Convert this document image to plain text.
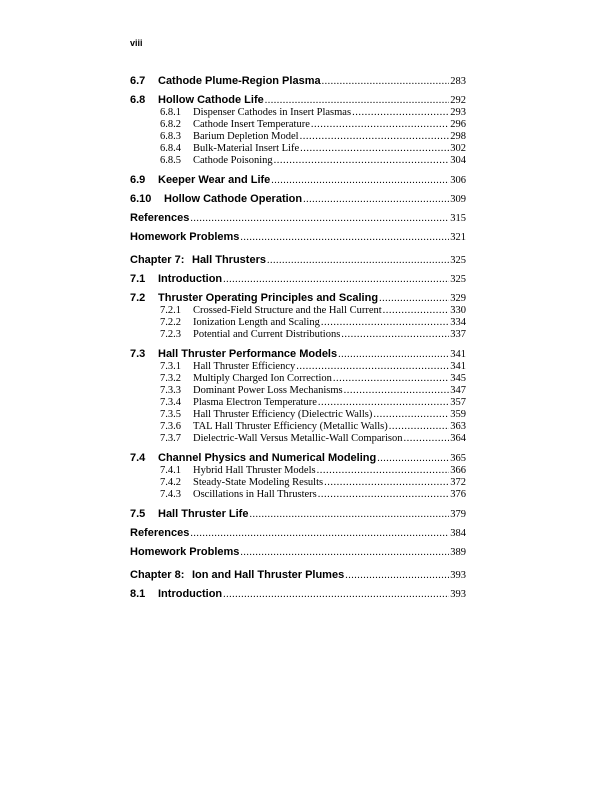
viii
6.7	Cathode Plume-Region Plasma .....	283
6.8	Hollow Cathode Life .....	292
6.8.1	Dispenser Cathodes in Insert Plasmas .....	293
6.8.2	Cathode Insert Temperature .....	296
6.8.3	Barium Depletion Model .....	298
6.8.4	Bulk-Material Insert Life .....	302
6.8.5	Cathode Poisoning .....	304
6.9	Keeper Wear and Life .....	306
6.10	Hollow Cathode Operation .....	309
References .....	315
Homework Problems .....	321
Chapter 7: Hall Thrusters .....	325
7.1	Introduction .....	325
7.2	Thruster Operating Principles and Scaling .....	329
7.2.1	Crossed-Field Structure and the Hall Current .....	330
7.2.2	Ionization Length and Scaling .....	334
7.2.3	Potential and Current Distributions .....	337
7.3	Hall Thruster Performance Models .....	341
7.3.1	Hall Thruster Efficiency .....	341
7.3.2	Multiply Charged Ion Correction .....	345
7.3.3	Dominant Power Loss Mechanisms .....	347
7.3.4	Plasma Electron Temperature .....	357
7.3.5	Hall Thruster Efficiency (Dielectric Walls) .....	359
7.3.6	TAL Hall Thruster Efficiency (Metallic Walls) .....	363
7.3.7	Dielectric-Wall Versus Metallic-Wall Comparison .....	364
7.4	Channel Physics and Numerical Modeling .....	365
7.4.1	Hybrid Hall Thruster Models .....	366
7.4.2	Steady-State Modeling Results .....	372
7.4.3	Oscillations in Hall Thrusters .....	376
7.5	Hall Thruster Life .....	379
References .....	384
Homework Problems .....	389
Chapter 8: Ion and Hall Thruster Plumes .....	393
8.1	Introduction .....	393
